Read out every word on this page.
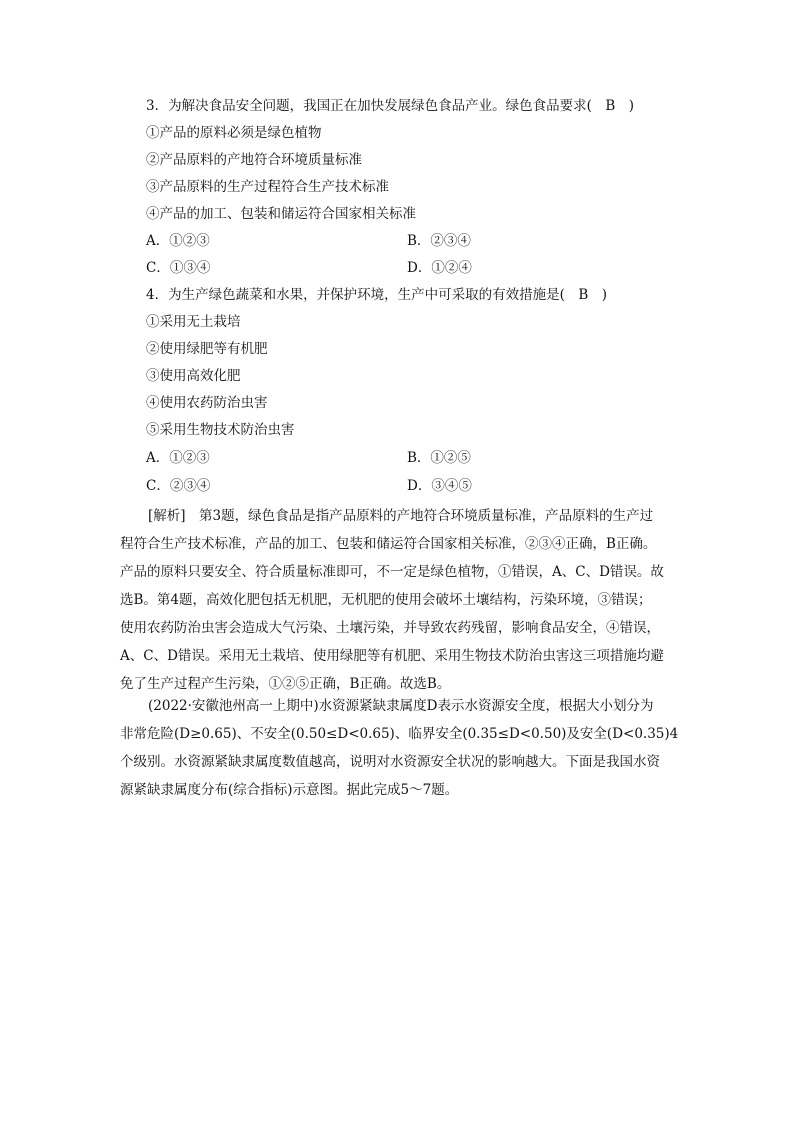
3．为解决食品安全问题，我国正在加快发展绿色食品产业。绿色食品要求(　B　)
①产品的原料必须是绿色植物
②产品原料的产地符合环境质量标准
③产品原料的生产过程符合生产技术标准
④产品的加工、包装和储运符合国家相关标准
A．①②③	B．②③④
C．①③④	D．①②④
4．为生产绿色蔬菜和水果，并保护环境，生产中可采取的有效措施是(　B　)
①采用无土栽培
②使用绿肥等有机肥
③使用高效化肥
④使用农药防治虫害
⑤采用生物技术防治虫害
A．①②③	B．①②⑤
C．②③④	D．③④⑤
[解析]　第3题，绿色食品是指产品原料的产地符合环境质量标准，产品原料的生产过
程符合生产技术标准，产品的加工、包装和储运符合国家相关标准，②③④正确，B正确。
产品的原料只要安全、符合质量标准即可，不一定是绿色植物，①错误，A、C、D错误。故
选B。第4题，高效化肥包括无机肥，无机肥的使用会破坏土壤结构，污染环境，③错误；
使用农药防治虫害会造成大气污染、土壤污染，并导致农药残留，影响食品安全，④错误，
A、C、D错误。采用无土栽培、使用绿肥等有机肥、采用生物技术防治虫害这三项措施均避
免了生产过程产生污染，①②⑤正确，B正确。故选B。
(2022·安徽池州高一上期中)水资源紧缺隶属度D表示水资源安全度，根据大小划分为
非常危险(D≥0.65)、不安全(0.50≤D<0.65)、临界安全(0.35≤D<0.50)及安全(D<0.35)4
个级别。水资源紧缺隶属度数值越高，说明对水资源安全状况的影响越大。下面是我国水资
源紧缺隶属度分布(综合指标)示意图。据此完成5～7题。
